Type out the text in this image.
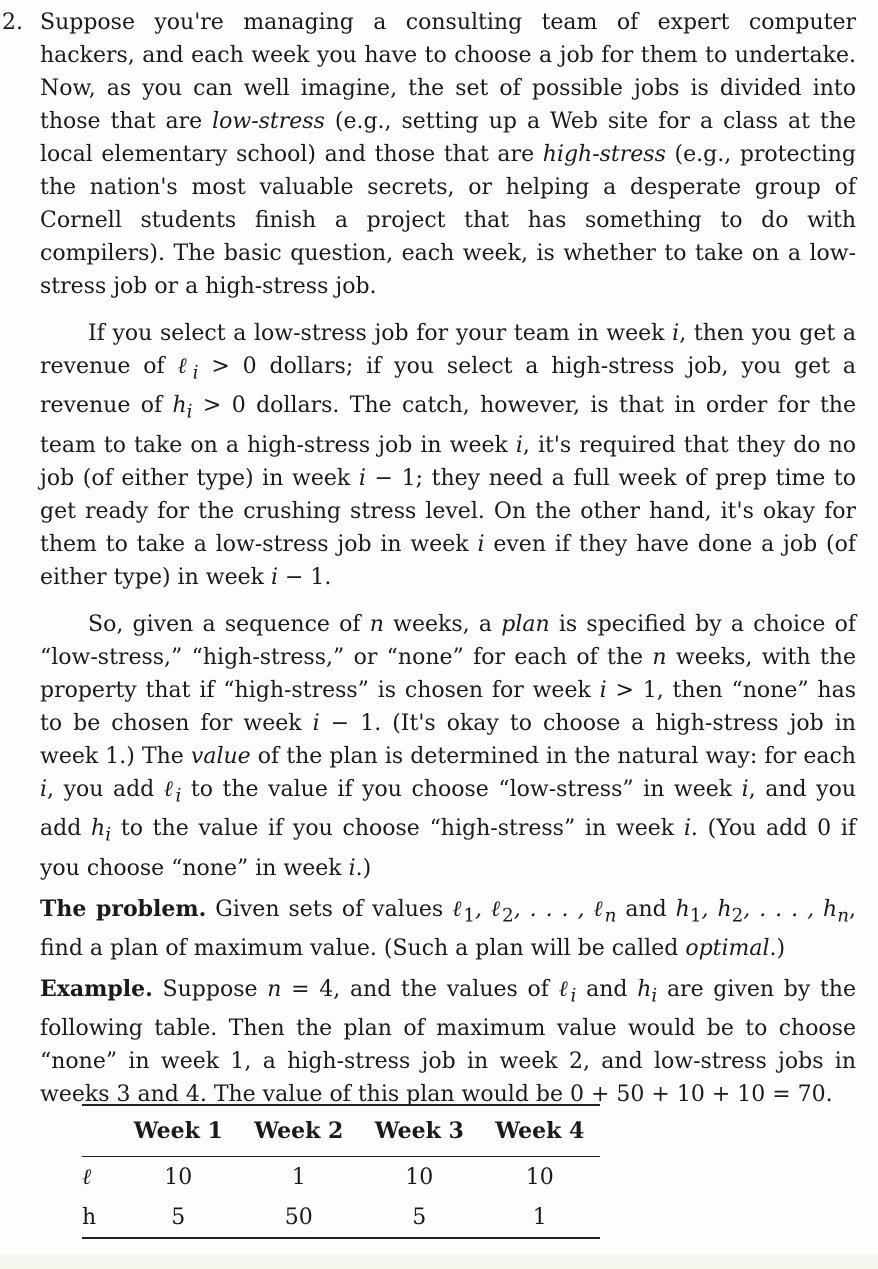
2. Suppose you're managing a consulting team of expert computer hackers, and each week you have to choose a job for them to undertake. Now, as you can well imagine, the set of possible jobs is divided into those that are low-stress (e.g., setting up a Web site for a class at the local elementary school) and those that are high-stress (e.g., protecting the nation's most valuable secrets, or helping a desperate group of Cornell students finish a project that has something to do with compilers). The basic question, each week, is whether to take on a low-stress job or a high-stress job.

If you select a low-stress job for your team in week i, then you get a revenue of ℓ$_i$ > 0 dollars; if you select a high-stress job, you get a revenue of $h_i > 0$ dollars. The catch, however, is that in order for the team to take on a high-stress job in week i, it's required that they do no job (of either type) in week i − 1; they need a full week of prep time to get ready for the crushing stress level. On the other hand, it's okay for them to take a low-stress job in week i even if they have done a job (of either type) in week i − 1.

So, given a sequence of n weeks, a plan is specified by a choice of “low-stress,” “high-stress,” or “none” for each of the n weeks, with the property that if “high-stress” is chosen for week i > 1, then “none” has to be chosen for week i − 1. (It's okay to choose a high-stress job in week 1.) The value of the plan is determined in the natural way: for each i, you add ℓ$_i$ to the value if you choose “low-stress” in week i, and you add $h_i$ to the value if you choose “high-stress” in week i. (You add 0 if you choose “none” in week i.)

The problem. Given sets of values ℓ$_1$, ℓ$_2$, . . . , ℓ$_n$ and $h_1$, $h_2$, . . . , $h_n$, find a plan of maximum value. (Such a plan will be called optimal.)

Example. Suppose n = 4, and the values of ℓ$_i$ and $h_i$ are given by the following table. Then the plan of maximum value would be to choose “none” in week 1, a high-stress job in week 2, and low-stress jobs in weeks 3 and 4. The value of this plan would be 0 + 50 + 10 + 10 = 70.

	Week 1	Week 2	Week 3	Week 4
ℓ	10	1	10	10
h	5	50	5	1
